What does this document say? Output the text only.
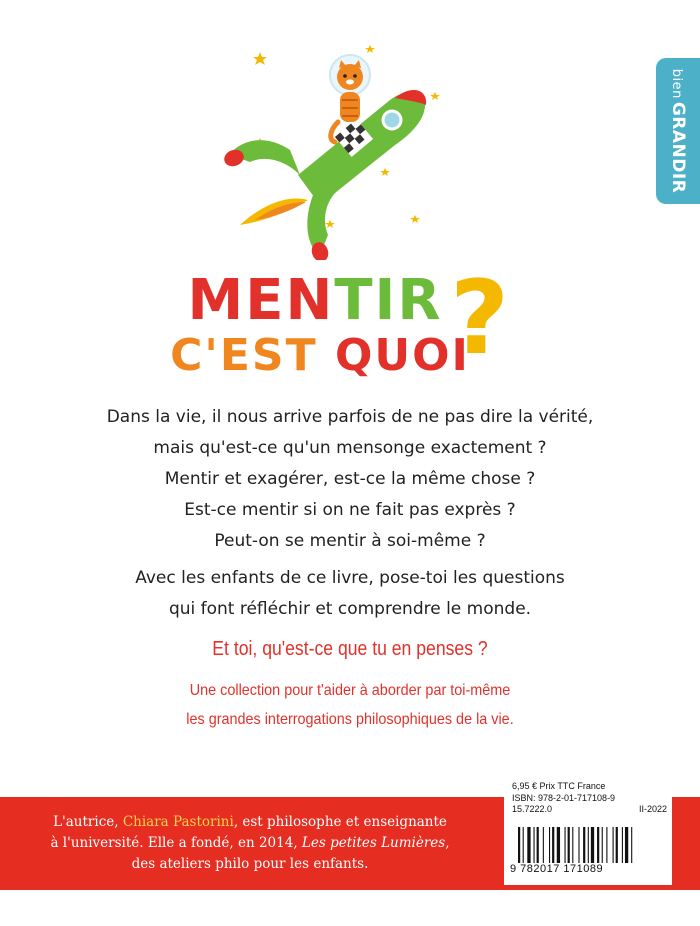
bienGRANDIR
MENTIR
C'EST QUOI
?
Dans la vie, il nous arrive parfois de ne pas dire la vérité,
mais qu'est-ce qu'un mensonge exactement ?
Mentir et exagérer, est-ce la même chose ?
Est-ce mentir si on ne fait pas exprès ?
Peut-on se mentir à soi-même ?
Avec les enfants de ce livre, pose-toi les questions
qui font réfléchir et comprendre le monde.
Et toi, qu'est-ce que tu en penses ?
Une collection pour t'aider à aborder par toi-même
les grandes interrogations philosophiques de la vie.
L'autrice, Chiara Pastorini, est philosophe et enseignante
à l'université. Elle a fondé, en 2014, Les petites Lumières,
des ateliers philo pour les enfants.
6,95 € Prix TTC France
ISBN: 978-2-01-717108-9
15.7222.0	II-2022
9 782017 171089
